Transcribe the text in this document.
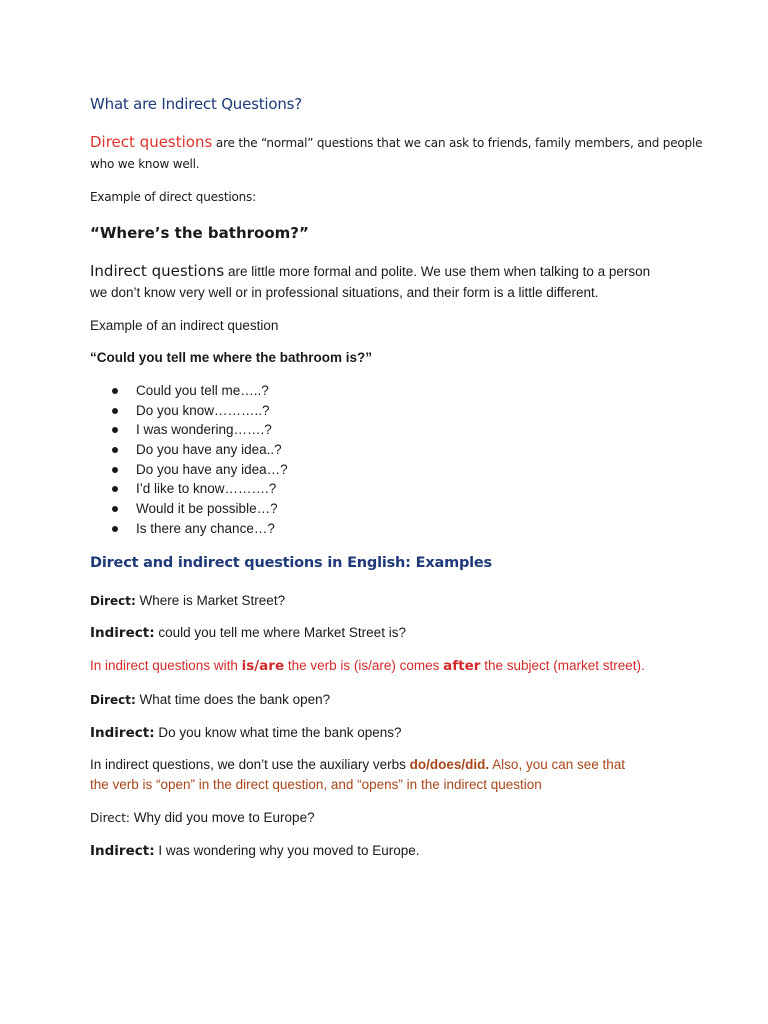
What are Indirect Questions?
Direct questions are the “normal” questions that we can ask to friends, family members, and people
who we know well.
Example of direct questions:
“Where’s the bathroom?”
Indirect questions are little more formal and polite. We use them when talking to a person
we don’t know very well or in professional situations, and their form is a little different.
Example of an indirect question
“Could you tell me where the bathroom is?”
Could you tell me…..?
Do you know………..?
I was wondering…….?
Do you have any idea..?
Do you have any idea…?
I’d like to know……….?
Would it be possible…?
Is there any chance…?
Direct and indirect questions in English: Examples
Direct: Where is Market Street?
Indirect: could you tell me where Market Street is?
In indirect questions with is/are the verb is (is/are) comes after the subject (market street).
Direct: What time does the bank open?
Indirect: Do you know what time the bank opens?
In indirect questions, we don’t use the auxiliary verbs do/does/did. Also, you can see that
the verb is “open” in the direct question, and “opens” in the indirect question
Direct: Why did you move to Europe?
Indirect: I was wondering why you moved to Europe.
